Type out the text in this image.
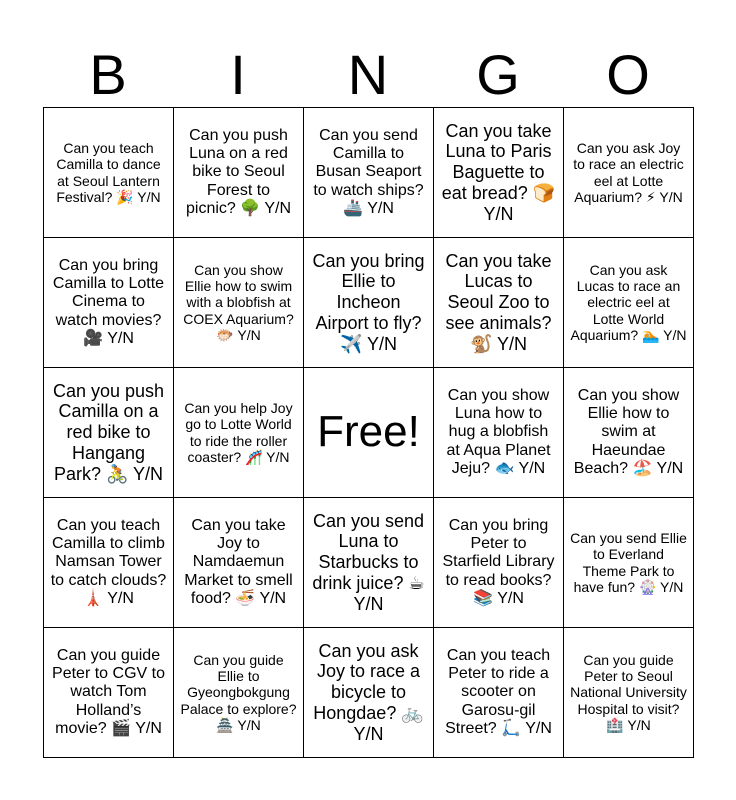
B	I	N	G	O
Can you teach Camilla to dance at Seoul Lantern Festival? 🎉 Y/N	Can you push Luna on a red bike to Seoul Forest to picnic? 🌳 Y/N	Can you send Camilla to Busan Seaport to watch ships? 🚢 Y/N	Can you take Luna to Paris Baguette to eat bread? 🍞 Y/N	Can you ask Joy to race an electric eel at Lotte Aquarium? ⚡ Y/N
Can you bring Camilla to Lotte Cinema to watch movies? 🎥 Y/N	Can you show Ellie how to swim with a blobfish at COEX Aquarium? 🐡 Y/N	Can you bring Ellie to Incheon Airport to fly? ✈️ Y/N	Can you take Lucas to Seoul Zoo to see animals? 🐒 Y/N	Can you ask Lucas to race an electric eel at Lotte World Aquarium? 🏊 Y/N
Can you push Camilla on a red bike to Hangang Park? 🚴 Y/N	Can you help Joy go to Lotte World to ride the roller coaster? 🎢 Y/N	Free!	Can you show Luna how to hug a blobfish at Aqua Planet Jeju? 🐟 Y/N	Can you show Ellie how to swim at Haeundae Beach? 🏖️ Y/N
Can you teach Camilla to climb Namsan Tower to catch clouds? 🗼 Y/N	Can you take Joy to Namdaemun Market to smell food? 🍜 Y/N	Can you send Luna to Starbucks to drink juice? ☕ Y/N	Can you bring Peter to Starfield Library to read books? 📚 Y/N	Can you send Ellie to Everland Theme Park to have fun? 🎡 Y/N
Can you guide Peter to CGV to watch Tom Holland’s movie? 🎬 Y/N	Can you guide Ellie to Gyeongbokgung Palace to explore? 🏯 Y/N	Can you ask Joy to race a bicycle to Hongdae? 🚲 Y/N	Can you teach Peter to ride a scooter on Garosu-gil Street? 🛴 Y/N	Can you guide Peter to Seoul National University Hospital to visit? 🏥 Y/N
